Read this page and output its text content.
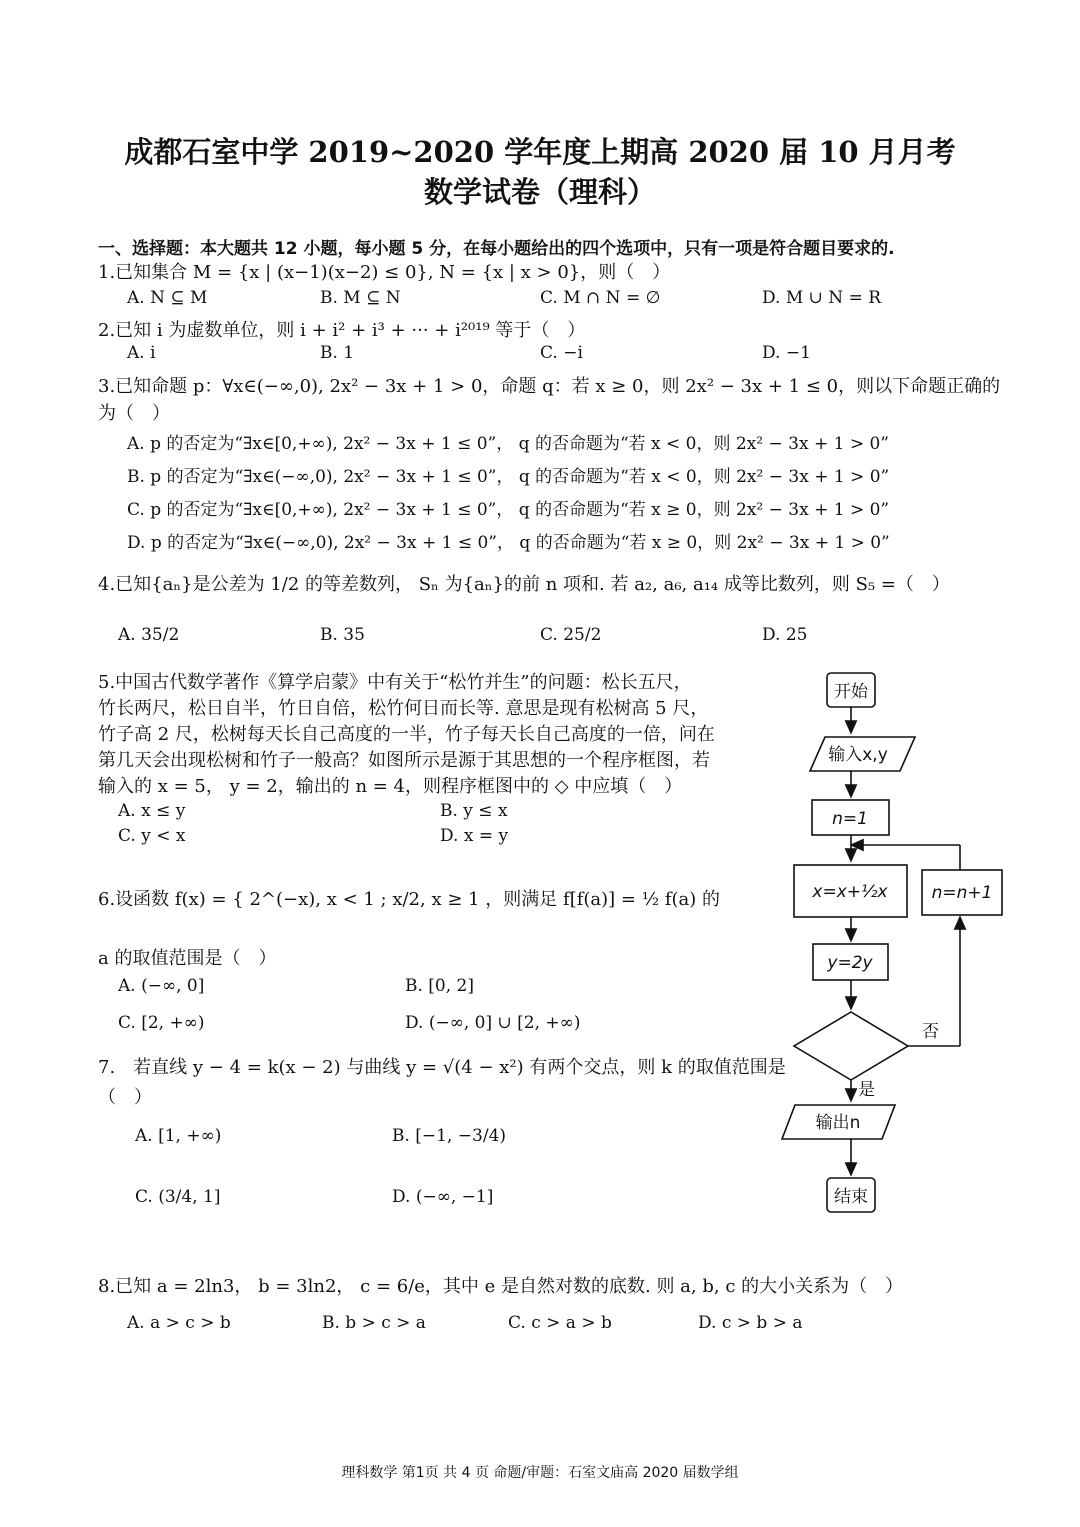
成都石室中学 2019~2020 学年度上期高 2020 届 10 月月考
数学试卷（理科）
一、选择题：本大题共 12 小题，每小题 5 分，在每小题给出的四个选项中，只有一项是符合题目要求的.
1.已知集合 M = {x | (x−1)(x−2) ≤ 0}, N = {x | x > 0}，则（　）
A. N ⊆ M	B. M ⊆ N	C. M ∩ N = ∅	D. M ∪ N = R
2.已知 i 为虚数单位，则 i + i² + i³ + ··· + i²⁰¹⁹ 等于（　）
A. i	B. 1	C. −i	D. −1
3.已知命题 p：∀x∈(−∞,0), 2x² − 3x + 1 > 0，命题 q：若 x ≥ 0，则 2x² − 3x + 1 ≤ 0，则以下命题正确的
为（　）
A. p 的否定为“∃x∈[0,+∞), 2x² − 3x + 1 ≤ 0”， q 的否命题为“若 x < 0，则 2x² − 3x + 1 > 0”
B. p 的否定为“∃x∈(−∞,0), 2x² − 3x + 1 ≤ 0”， q 的否命题为“若 x < 0，则 2x² − 3x + 1 > 0”
C. p 的否定为“∃x∈[0,+∞), 2x² − 3x + 1 ≤ 0”， q 的否命题为“若 x ≥ 0，则 2x² − 3x + 1 > 0”
D. p 的否定为“∃x∈(−∞,0), 2x² − 3x + 1 ≤ 0”， q 的否命题为“若 x ≥ 0，则 2x² − 3x + 1 > 0”
4.已知{aₙ}是公差为 1/2 的等差数列， Sₙ 为{aₙ}的前 n 项和. 若 a₂, a₆, a₁₄ 成等比数列，则 S₅ =（　）
A. 35/2	B. 35	C. 25/2	D. 25
5.中国古代数学著作《算学启蒙》中有关于“松竹并生”的问题：松长五尺，
竹长两尺，松日自半，竹日自倍，松竹何日而长等. 意思是现有松树高 5 尺，
竹子高 2 尺，松树每天长自己高度的一半，竹子每天长自己高度的一倍，问在
第几天会出现松树和竹子一般高？如图所示是源于其思想的一个程序框图，若
输入的 x = 5， y = 2，输出的 n = 4，则程序框图中的 ◇ 中应填（　）
A. x ≤ y	B. y ≤ x
C. y < x	D. x = y
6.设函数 f(x) = { 2^(−x), x < 1 ; x/2, x ≥ 1 ，则满足 f[f(a)] = ½ f(a) 的
a 的取值范围是（　）
A. (−∞, 0]	B. [0, 2]
C. [2, +∞)	D. (−∞, 0] ∪ [2, +∞)
7.　若直线 y − 4 = k(x − 2) 与曲线 y = √(4 − x²) 有两个交点，则 k 的取值范围是
（　）
A. [1, +∞)	B. [−1, −3/4)
C. (3/4, 1]	D. (−∞, −1]
8.已知 a = 2ln3， b = 3ln2， c = 6/e，其中 e 是自然对数的底数. 则 a, b, c 的大小关系为（　）
A. a > c > b	B. b > c > a	C. c > a > b	D. c > b > a
开始
输入x,y
n=1
x=x+½x
y=2y
n=n+1
否
是
输出n
结束
理科数学 第1页 共 4 页 命题/审题：石室文庙高 2020 届数学组
